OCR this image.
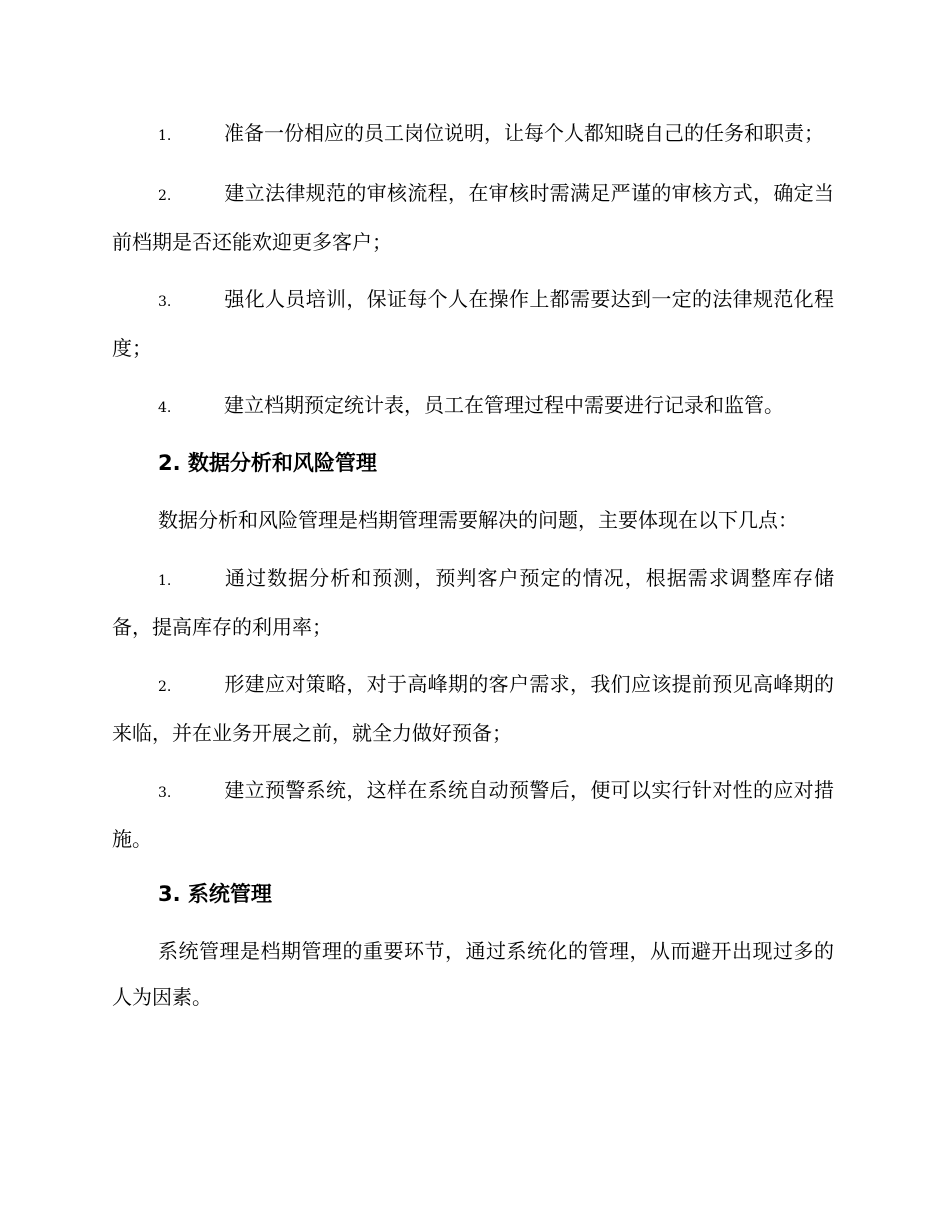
1.	准备一份相应的员工岗位说明，让每个人都知晓自己的任务和职责；

2.	建立法律规范的审核流程，在审核时需满足严谨的审核方式，确定当前档期是否还能欢迎更多客户；

3.	强化人员培训，保证每个人在操作上都需要达到一定的法律规范化程度；

4.	建立档期预定统计表，员工在管理过程中需要进行记录和监管。

2. 数据分析和风险管理

数据分析和风险管理是档期管理需要解决的问题，主要体现在以下几点：

1.	通过数据分析和预测，预判客户预定的情况，根据需求调整库存储备，提高库存的利用率；

2.	形建应对策略，对于高峰期的客户需求，我们应该提前预见高峰期的来临，并在业务开展之前，就全力做好预备；

3.	建立预警系统，这样在系统自动预警后，便可以实行针对性的应对措施。

3. 系统管理

系统管理是档期管理的重要环节，通过系统化的管理，从而避开出现过多的人为因素。
